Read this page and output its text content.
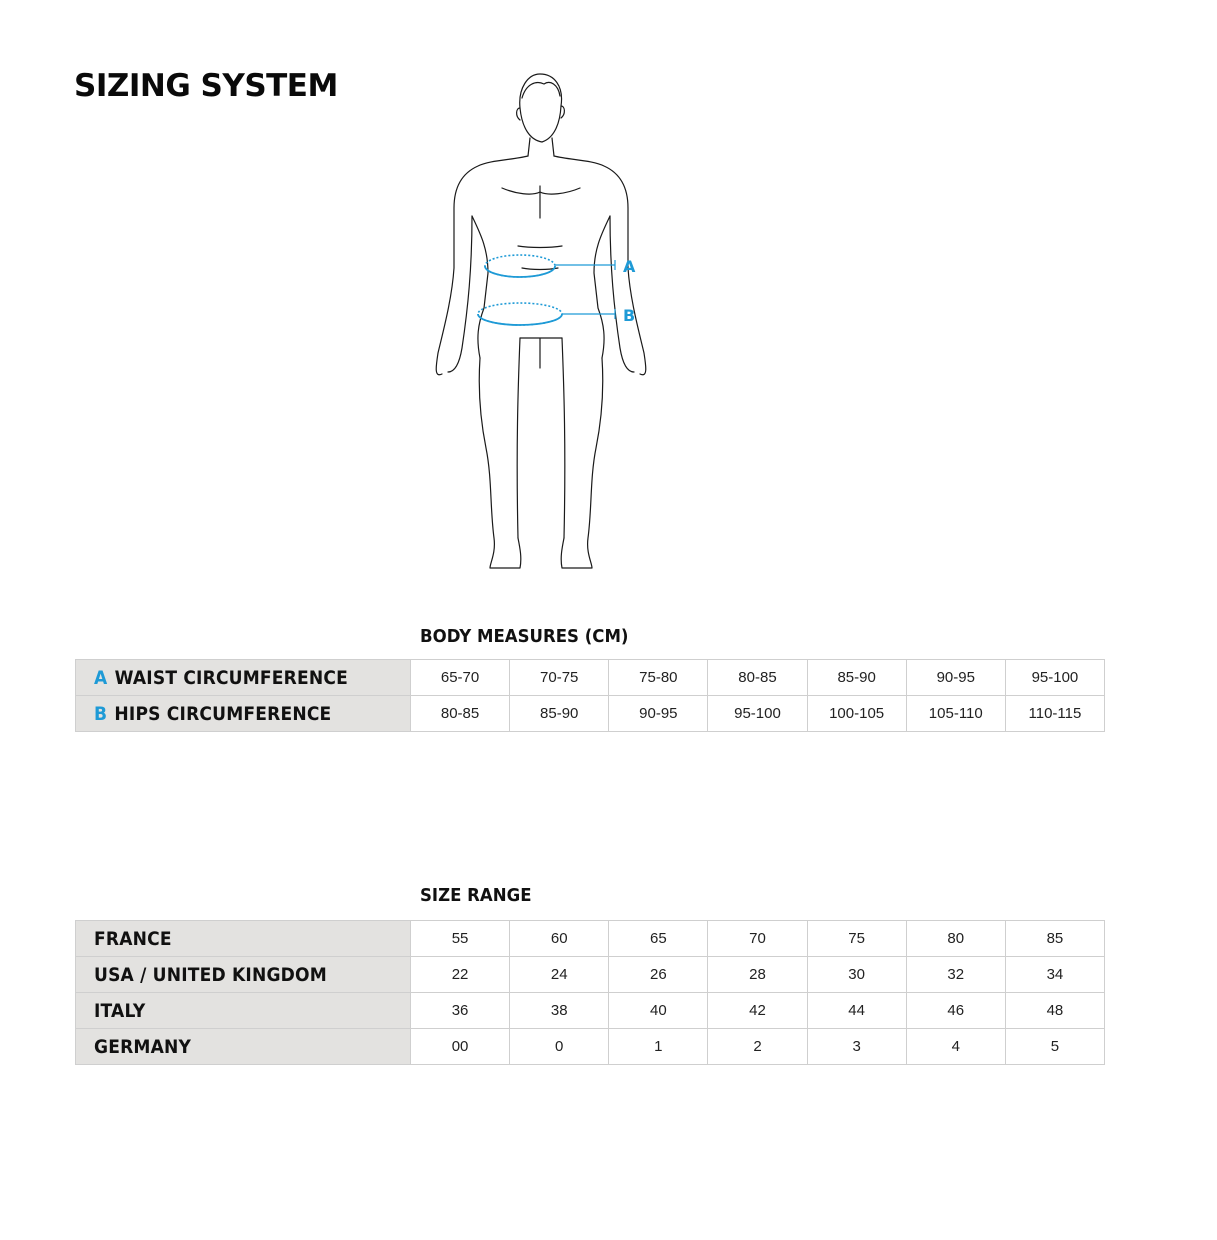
SIZING SYSTEM
A
B
BODY MEASURES (CM)
A WAIST CIRCUMFERENCE	65-70	70-75	75-80	80-85	85-90	90-95	95-100
B HIPS CIRCUMFERENCE	80-85	85-90	90-95	95-100	100-105	105-110	110-115
SIZE RANGE
FRANCE	55	60	65	70	75	80	85
USA / UNITED KINGDOM	22	24	26	28	30	32	34
ITALY	36	38	40	42	44	46	48
GERMANY	00	0	1	2	3	4	5
